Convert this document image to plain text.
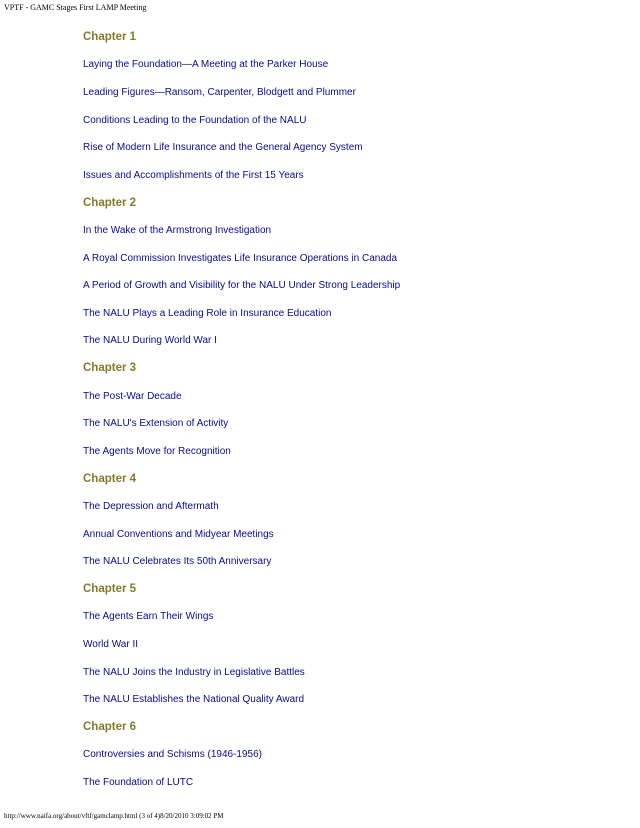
VPTF - GAMC Stages First LAMP Meeting
Chapter 1
Laying the Foundation—A Meeting at the Parker House
Leading Figures—Ransom, Carpenter, Blodgett and Plummer
Conditions Leading to the Foundation of the NALU
Rise of Modern Life Insurance and the General Agency System
Issues and Accomplishments of the First 15 Years
Chapter 2
In the Wake of the Armstrong Investigation
A Royal Commission Investigates Life Insurance Operations in Canada
A Period of Growth and Visibility for the NALU Under Strong Leadership
The NALU Plays a Leading Role in Insurance Education
The NALU During World War I
Chapter 3
The Post-War Decade
The NALU's Extension of Activity
The Agents Move for Recognition
Chapter 4
The Depression and Aftermath
Annual Conventions and Midyear Meetings
The NALU Celebrates Its 50th Anniversary
Chapter 5
The Agents Earn Their Wings
World War II
The NALU Joins the Industry in Legislative Battles
The NALU Establishes the National Quality Award
Chapter 6
Controversies and Schisms (1946-1956)
The Foundation of LUTC
http://www.naifa.org/about/vftf/gamclamp.html (3 of 4)8/20/2010 3:09:02 PM
